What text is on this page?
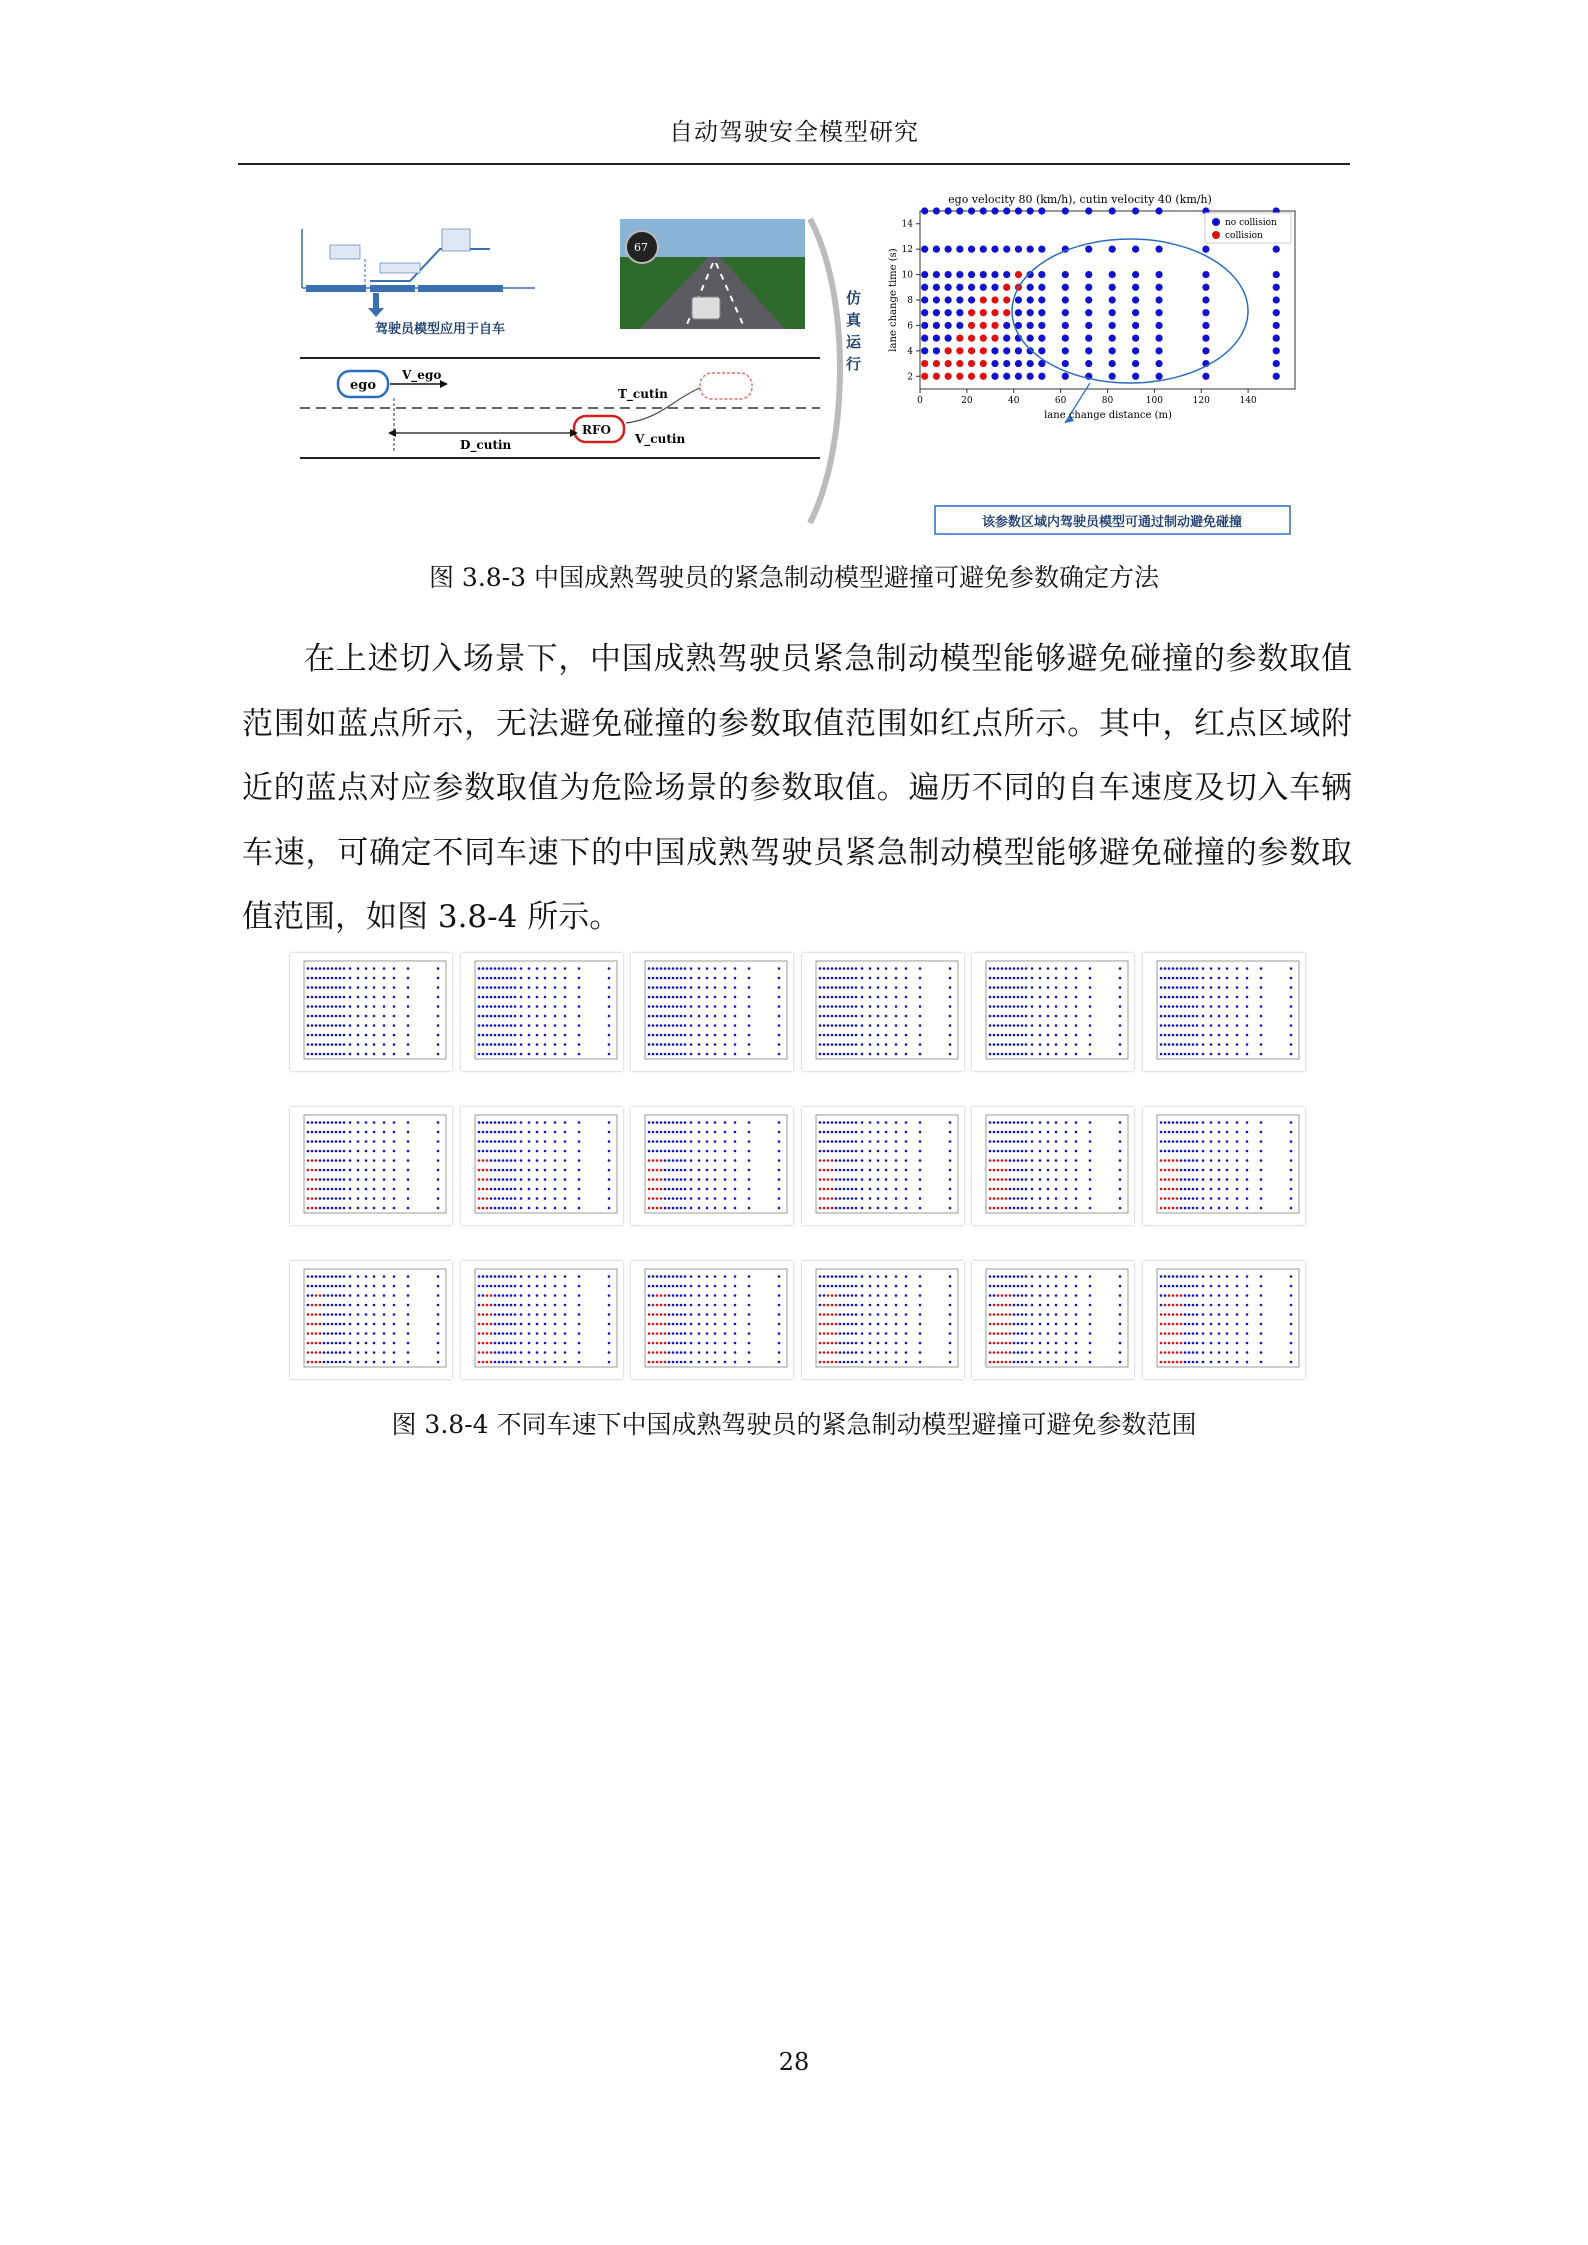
自动驾驶安全模型研究
驾驶员模型应用于自车
ego
V_ego
RFO
T_cutin
V_cutin
D_cutin
67
仿
真
运
行
ego velocity 80 (km/h), cutin velocity 40 (km/h)
0	20	40	60	80	100	120	140
2
4
6
8
10
12
14
lane change distance (m)
lane change time (s)
no collision
collision
该参数区域内驾驶员模型可通过制动避免碰撞
图 3.8-3 中国成熟驾驶员的紧急制动模型避撞可避免参数确定方法

在上述切入场景下，中国成熟驾驶员紧急制动模型能够避免碰撞的参数取值范围如蓝点所示，无法避免碰撞的参数取值范围如红点所示。其中，红点区域附近的蓝点对应参数取值为危险场景的参数取值。遍历不同的自车速度及切入车辆车速，可确定不同车速下的中国成熟驾驶员紧急制动模型能够避免碰撞的参数取值范围，如图 3.8-4 所示。

图 3.8-4 不同车速下中国成熟驾驶员的紧急制动模型避撞可避免参数范围
28
